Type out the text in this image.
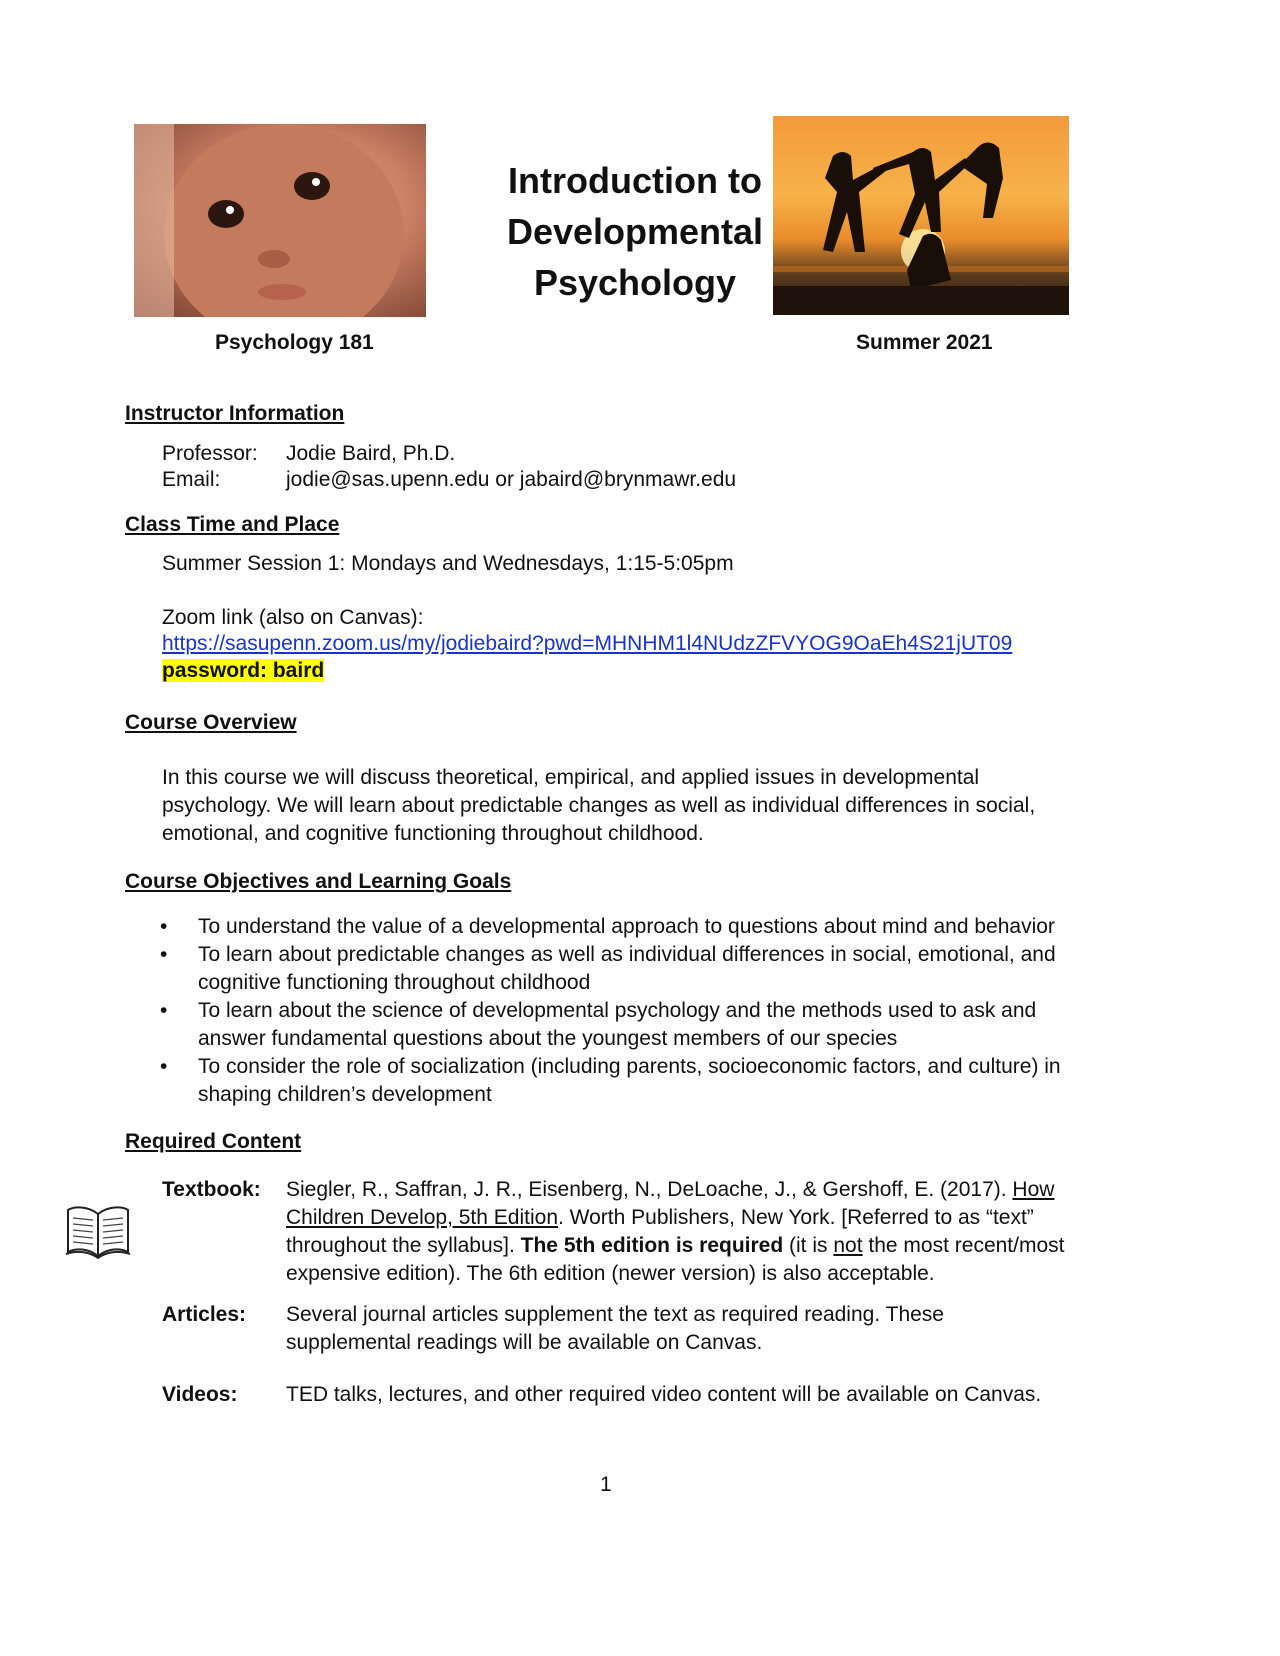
Introduction to Developmental Psychology
Psychology 181	Summer 2021
Instructor Information
Professor: Jodie Baird, Ph.D.
Email:	jodie@sas.upenn.edu or jabaird@brynmawr.edu
Class Time and Place
Summer Session 1: Mondays and Wednesdays, 1:15-5:05pm
Zoom link (also on Canvas):
https://sasupenn.zoom.us/my/jodiebaird?pwd=MHNHM1l4NUdzZFVYOG9OaEh4S21jUT09
password: baird
Course Overview
In this course we will discuss theoretical, empirical, and applied issues in developmental psychology. We will learn about predictable changes as well as individual differences in social, emotional, and cognitive functioning throughout childhood.
Course Objectives and Learning Goals
• To understand the value of a developmental approach to questions about mind and behavior
• To learn about predictable changes as well as individual differences in social, emotional, and cognitive functioning throughout childhood
• To learn about the science of developmental psychology and the methods used to ask and answer fundamental questions about the youngest members of our species
• To consider the role of socialization (including parents, socioeconomic factors, and culture) in shaping children’s development
Required Content
Textbook: Siegler, R., Saffran, J. R., Eisenberg, N., DeLoache, J., & Gershoff, E. (2017). How Children Develop, 5th Edition. Worth Publishers, New York. [Referred to as “text” throughout the syllabus]. The 5th edition is required (it is not the most recent/most expensive edition). The 6th edition (newer version) is also acceptable.
Articles: Several journal articles supplement the text as required reading. These supplemental readings will be available on Canvas.
Videos: TED talks, lectures, and other required video content will be available on Canvas.
1
